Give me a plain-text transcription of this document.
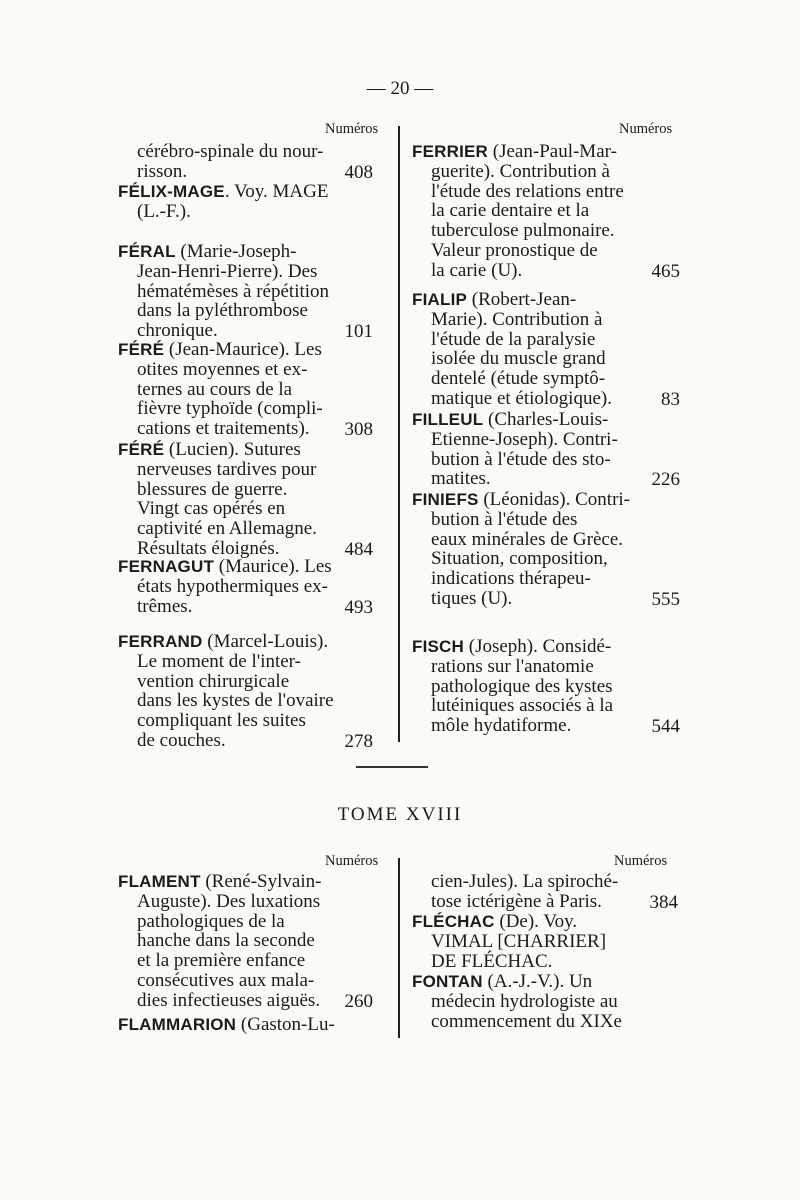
— 20 —
Numéros	Numéros
cérébro-spinale du nour-
risson.	408
FÉLIX-MAGE. Voy. MAGE
(L.-F.).
FÉRAL (Marie-Joseph-
Jean-Henri-Pierre). Des
hématémèses à répétition
dans la pyléthrombose
chronique.	101
FÉRÉ (Jean-Maurice). Les
otites moyennes et ex-
ternes au cours de la
fièvre typhoïde (compli-
cations et traitements).	308
FÉRÉ (Lucien). Sutures
nerveuses tardives pour
blessures de guerre.
Vingt cas opérés en
captivité en Allemagne.
Résultats éloignés.	484
FERNAGUT (Maurice). Les
états hypothermiques ex-
trêmes.	493
FERRAND (Marcel-Louis).
Le moment de l'inter-
vention chirurgicale
dans les kystes de l'ovaire
compliquant les suites
de couches.	278
FERRIER (Jean-Paul-Mar-
guerite). Contribution à
l'étude des relations entre
la carie dentaire et la
tuberculose pulmonaire.
Valeur pronostique de
la carie (U).	465
FIALIP (Robert-Jean-
Marie). Contribution à
l'étude de la paralysie
isolée du muscle grand
dentelé (étude symptô-
matique et étiologique).	83
FILLEUL (Charles-Louis-
Etienne-Joseph). Contri-
bution à l'étude des sto-
matites.	226
FINIEFS (Léonidas). Contri-
bution à l'étude des
eaux minérales de Grèce.
Situation, composition,
indications thérapeu-
tiques (U).	555
FISCH (Joseph). Considé-
rations sur l'anatomie
pathologique des kystes
lutéiniques associés à la
môle hydatiforme.	544
TOME XVIII
Numéros	Numéros
FLAMENT (René-Sylvain-
Auguste). Des luxations
pathologiques de la
hanche dans la seconde
et la première enfance
consécutives aux mala-
dies infectieuses aiguës.	260
FLAMMARION (Gaston-Lu-
cien-Jules). La spiroché-
tose ictérigène à Paris.	384
FLÉCHAC (De). Voy.
VIMAL [CHARRIER]
DE FLÉCHAC.
FONTAN (A.-J.-V.). Un
médecin hydrologiste au
commencement du XIXe
